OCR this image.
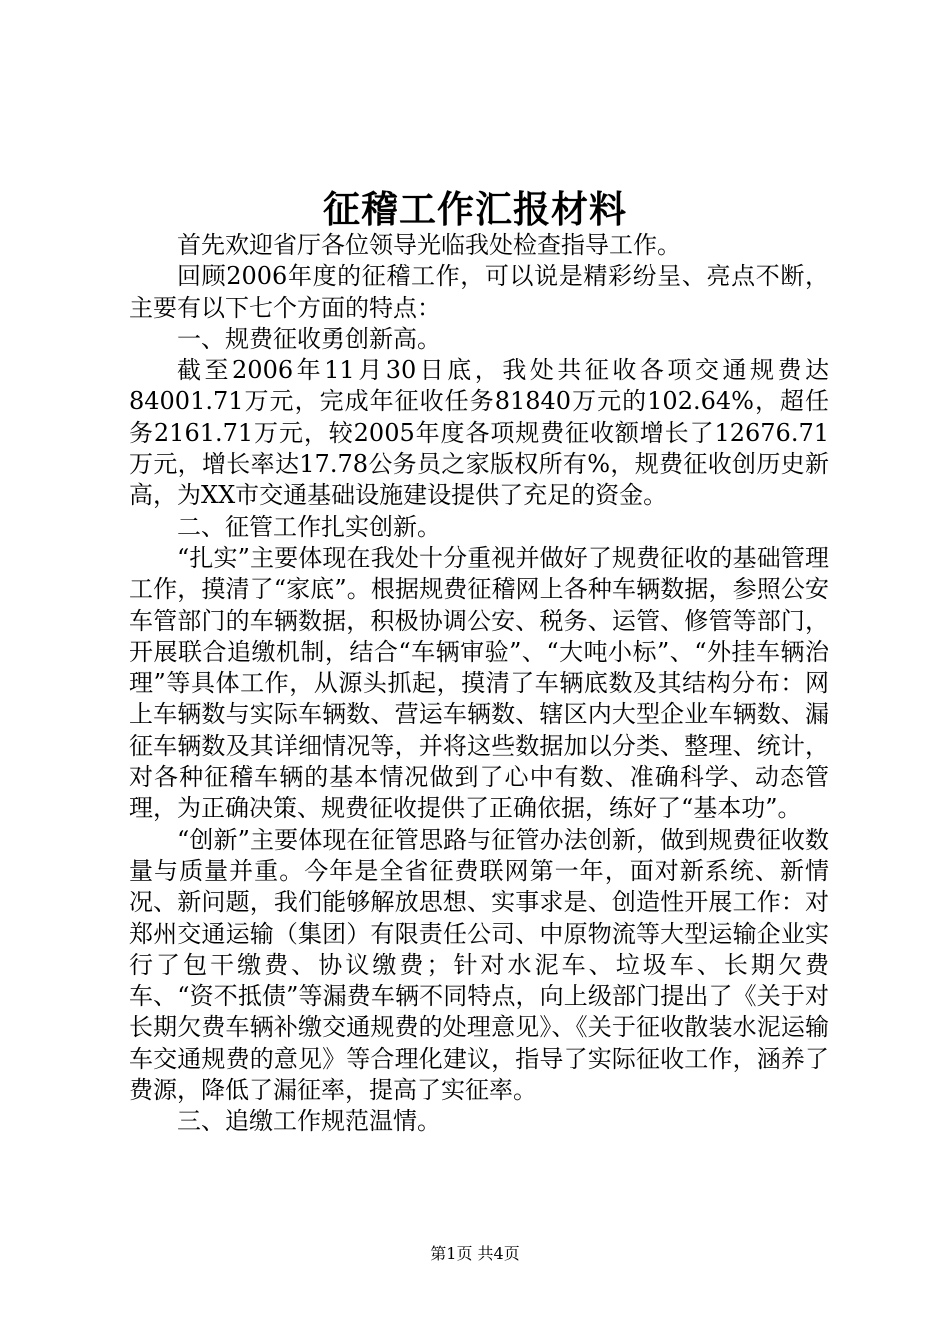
征稽工作汇报材料

首先欢迎省厅各位领导光临我处检查指导工作。

回顾2006年度的征稽工作，可以说是精彩纷呈、亮点不断，主要有以下七个方面的特点：

一、规费征收勇创新高。

截至2006年11月30日底，我处共征收各项交通规费达84001.71万元，完成年征收任务81840万元的102.64%，超任务2161.71万元，较2005年度各项规费征收额增长了12676.71万元，增长率达17.78公务员之家版权所有%，规费征收创历史新高，为XX市交通基础设施建设提供了充足的资金。

二、征管工作扎实创新。

“扎实”主要体现在我处十分重视并做好了规费征收的基础管理工作，摸清了“家底”。根据规费征稽网上各种车辆数据，参照公安车管部门的车辆数据，积极协调公安、税务、运管、修管等部门，开展联合追缴机制，结合“车辆审验”、“大吨小标”、“外挂车辆治理”等具体工作，从源头抓起，摸清了车辆底数及其结构分布：网上车辆数与实际车辆数、营运车辆数、辖区内大型企业车辆数、漏征车辆数及其详细情况等，并将这些数据加以分类、整理、统计，对各种征稽车辆的基本情况做到了心中有数、准确科学、动态管理，为正确决策、规费征收提供了正确依据，练好了“基本功”。

“创新”主要体现在征管思路与征管办法创新，做到规费征收数量与质量并重。今年是全省征费联网第一年，面对新系统、新情况、新问题，我们能够解放思想、实事求是、创造性开展工作：对郑州交通运输（集团）有限责任公司、中原物流等大型运输企业实行了包干缴费、协议缴费；针对水泥车、垃圾车、长期欠费车、“资不抵债”等漏费车辆不同特点，向上级部门提出了《关于对长期欠费车辆补缴交通规费的处理意见》、《关于征收散装水泥运输车交通规费的意见》等合理化建议，指导了实际征收工作，涵养了费源，降低了漏征率，提高了实征率。

三、追缴工作规范温情。

第1页 共4页
